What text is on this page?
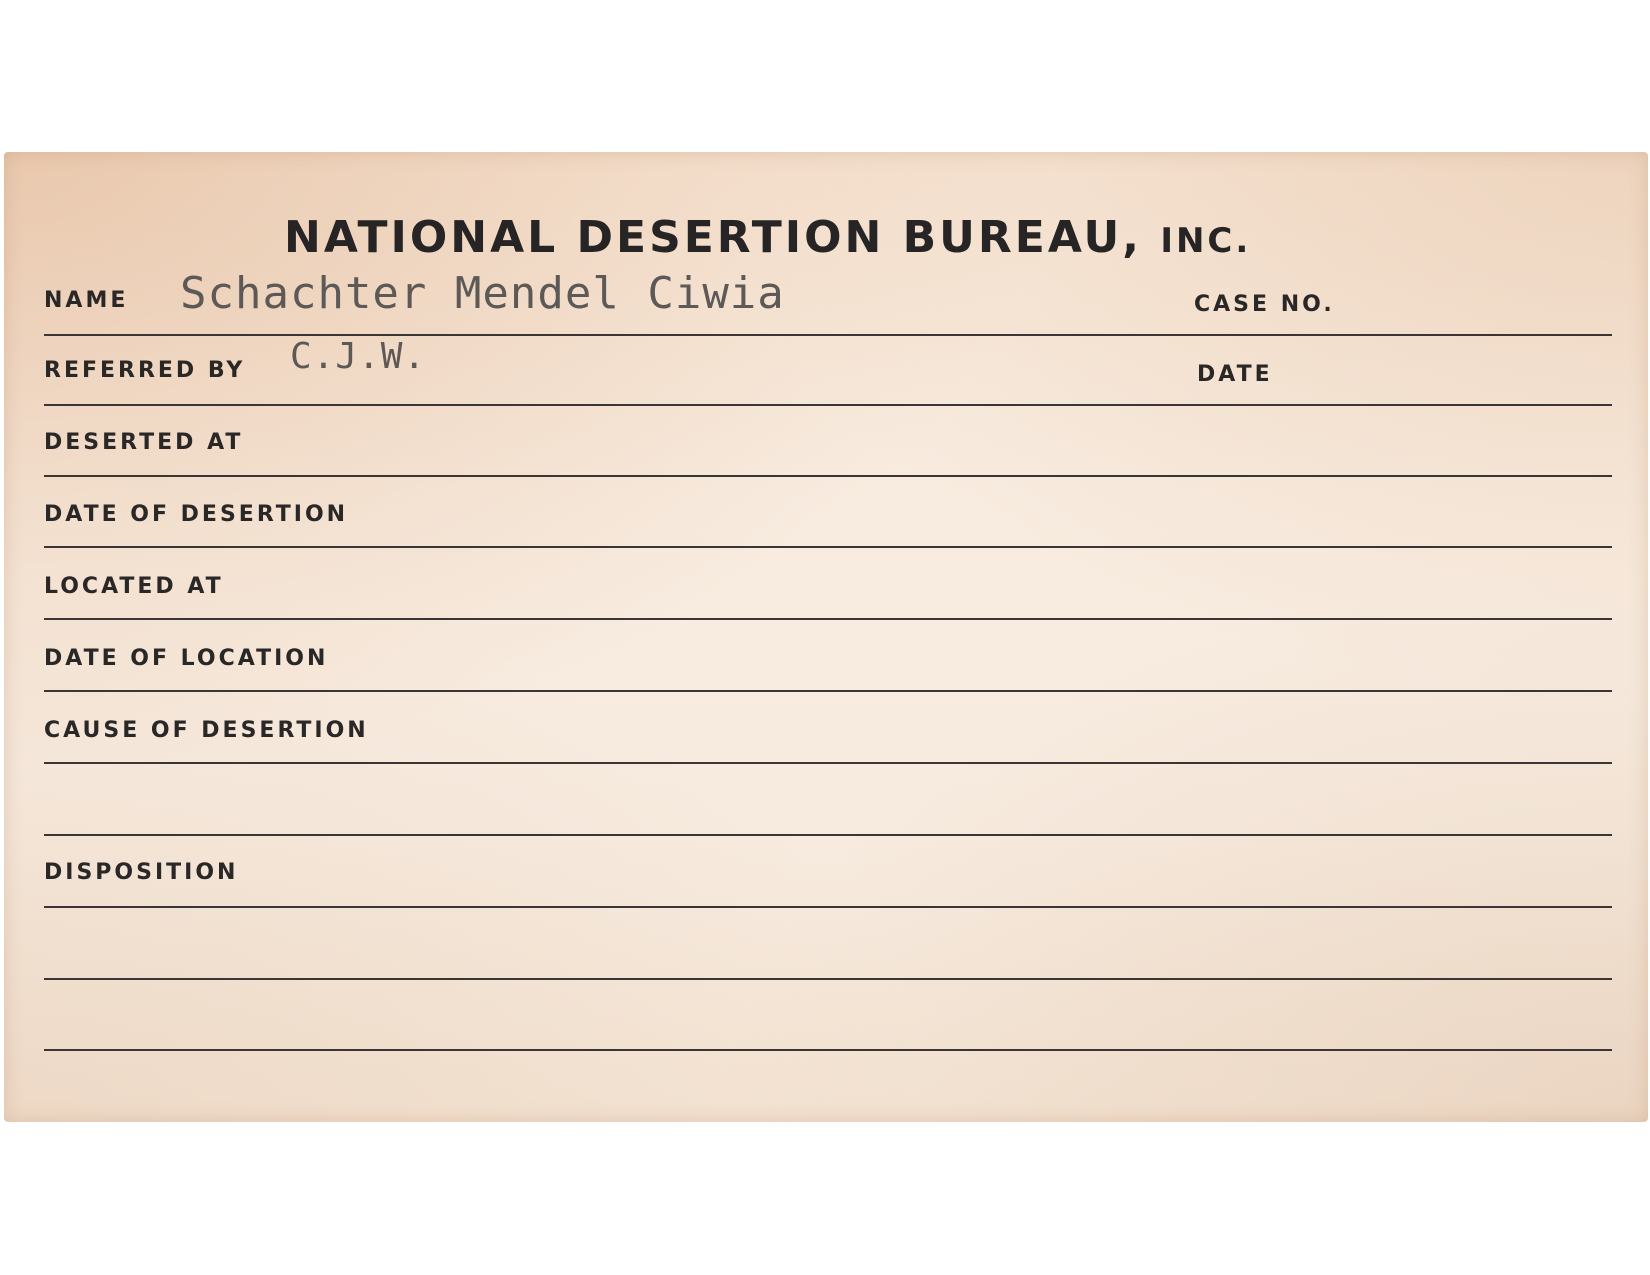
NATIONAL DESERTION BUREAU, INC.
NAME Schachter Mendel Ciwia	CASE NO.
REFERRED BY C.J.W.	DATE
DESERTED AT
DATE OF DESERTION
LOCATED AT
DATE OF LOCATION
CAUSE OF DESERTION
DISPOSITION
